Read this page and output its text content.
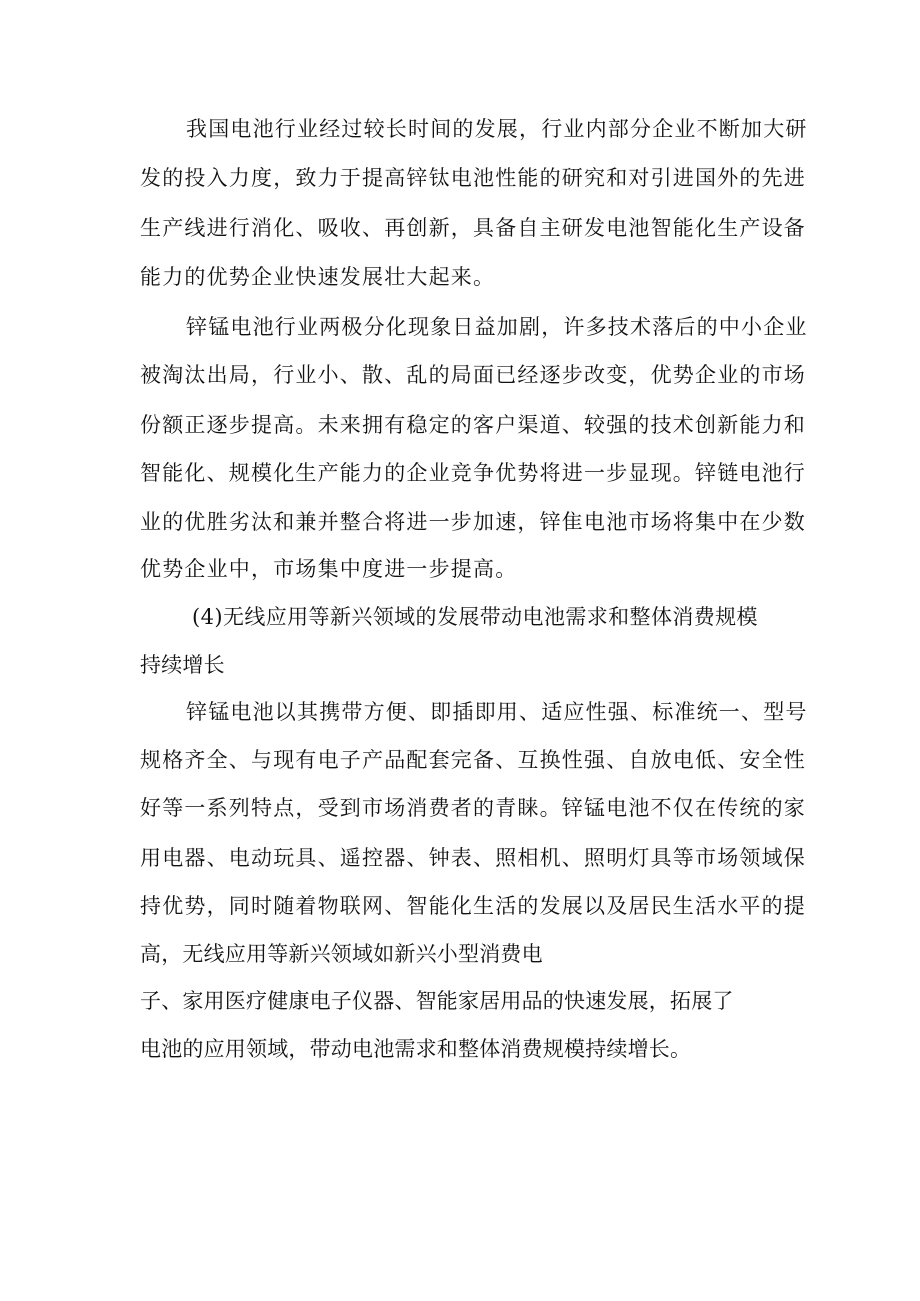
我国电池行业经过较长时间的发展，行业内部分企业不断加大研

发的投入力度，致力于提高锌钛电池性能的研究和对引进国外的先进

生产线进行消化、吸收、再创新，具备自主研发电池智能化生产设备

能力的优势企业快速发展壮大起来。

锌锰电池行业两极分化现象日益加剧，许多技术落后的中小企业

被淘汰出局，行业小、散、乱的局面已经逐步改变，优势企业的市场

份额正逐步提高。未来拥有稳定的客户渠道、较强的技术创新能力和

智能化、规模化生产能力的企业竞争优势将进一步显现。锌链电池行

业的优胜劣汰和兼并整合将进一步加速，锌隹电池市场将集中在少数

优势企业中，市场集中度进一步提高。

(4)无线应用等新兴领域的发展带动电池需求和整体消费规模

持续增长

锌锰电池以其携带方便、即插即用、适应性强、标准统一、型号

规格齐全、与现有电子产品配套完备、互换性强、自放电低、安全性

好等一系列特点，受到市场消费者的青睐。锌锰电池不仅在传统的家

用电器、电动玩具、遥控器、钟表、照相机、照明灯具等市场领域保

持优势，同时随着物联网、智能化生活的发展以及居民生活水平的提

高，无线应用等新兴领域如新兴小型消费电

子、家用医疗健康电子仪器、智能家居用品的快速发展，拓展了

电池的应用领域，带动电池需求和整体消费规模持续增长。
